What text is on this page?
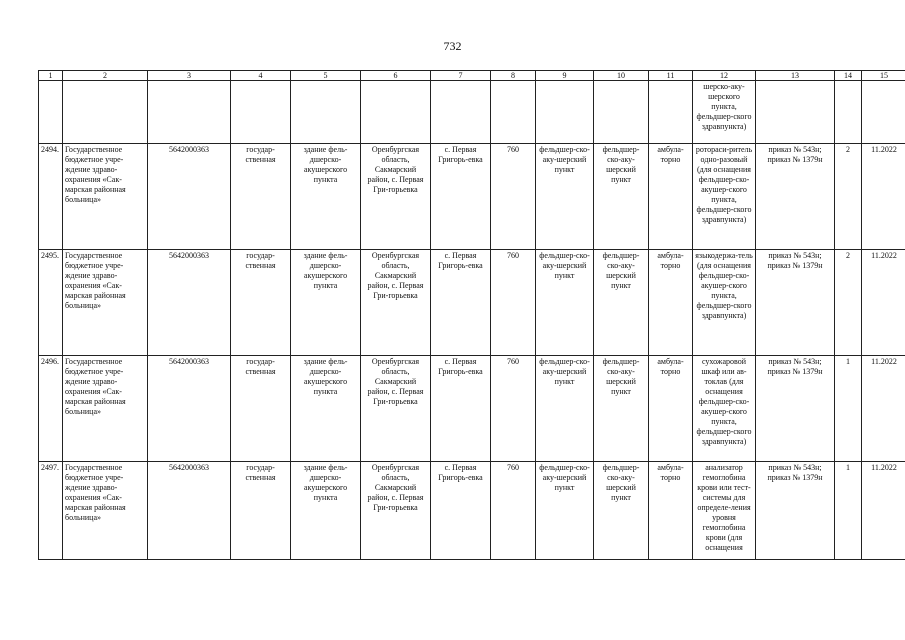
732
1	2	3	4	5	6	7	8	9	10	11	12	13	14	15
											шерско-аку-шерского пункта, фельдшер-ского здравпункта)			
2494.	Государственное бюджетное учре-ждение здраво-охранения «Сак-марская районная больница»	5642000363	государ-ственная	здание фель-дшерско-акушерского пункта	Оренбургская область, Сакмарский район, с. Первая Гри-горьевка	с. Первая Григорь-евка	760	фельдшер-ско-аку-шерский пункт	фельдшер-ско-аку-шерский пункт	амбула-торно	ротораси-ритель одно-разовый (для оснащения фельдшер-ско-акушер-ского пункта, фельдшер-ского здравпункта)	приказ № 543н; приказ № 1379н	2	11.2022
2495.	Государственное бюджетное учре-ждение здраво-охранения «Сак-марская районная больница»	5642000363	государ-ственная	здание фель-дшерско-акушерского пункта	Оренбургская область, Сакмарский район, с. Первая Гри-горьевка	с. Первая Григорь-евка	760	фельдшер-ско-аку-шерский пункт	фельдшер-ско-аку-шерский пункт	амбула-торно	языкодержа-тель (для оснащения фельдшер-ско-акушер-ского пункта, фельдшер-ского здравпункта)	приказ № 543н; приказ № 1379н	2	11.2022
2496.	Государственное бюджетное учре-ждение здраво-охранения «Сак-марская районная больница»	5642000363	государ-ственная	здание фель-дшерско-акушерского пункта	Оренбургская область, Сакмарский район, с. Первая Гри-горьевка	с. Первая Григорь-евка	760	фельдшер-ско-аку-шерский пункт	фельдшер-ско-аку-шерский пункт	амбула-торно	сухожаровой шкаф или ав-токлав (для оснащения фельдшер-ско-акушер-ского пункта, фельдшер-ского здравпункта)	приказ № 543н; приказ № 1379н	1	11.2022
2497.	Государственное бюджетное учре-ждение здраво-охранения «Сак-марская районная больница»	5642000363	государ-ственная	здание фель-дшерско-акушерского пункта	Оренбургская область, Сакмарский район, с. Первая Гри-горьевка	с. Первая Григорь-евка	760	фельдшер-ско-аку-шерский пункт	фельдшер-ско-аку-шерский пункт	амбула-торно	анализатор гемоглобина крови или тест-системы для определе-ления уровня гемоглобина крови (для оснащения	приказ № 543н; приказ № 1379н	1	11.2022
